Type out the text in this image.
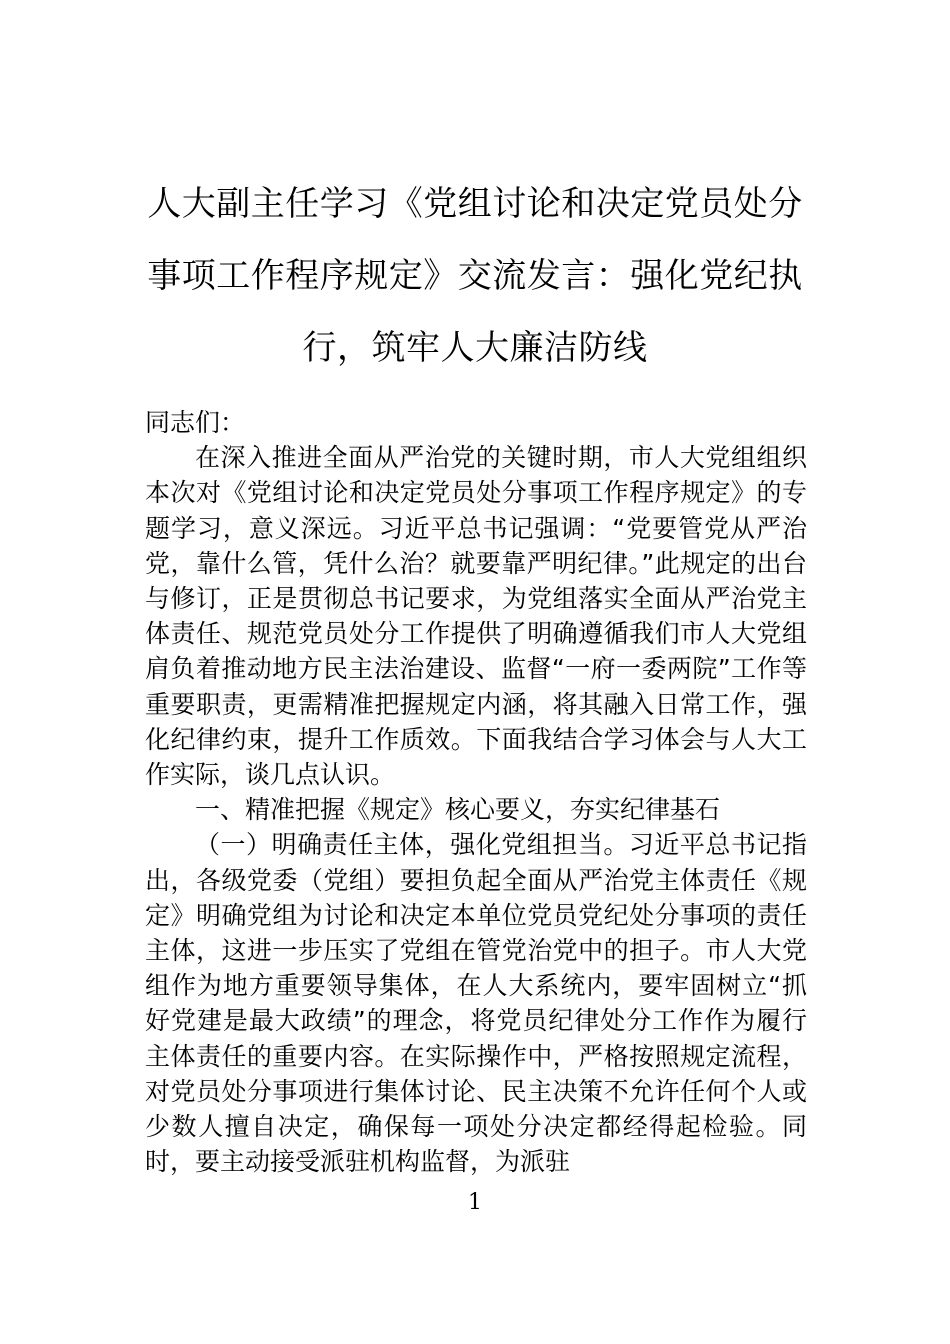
人大副主任学习《党组讨论和决定党员处分事项工作程序规定》交流发言：强化党纪执行，筑牢人大廉洁防线

同志们：

在深入推进全面从严治党的关键时期，市人大党组组织本次对《党组讨论和决定党员处分事项工作程序规定》的专题学习，意义深远。习近平总书记强调：“党要管党从严治党，靠什么管，凭什么治？就要靠严明纪律。”此规定的出台与修订，正是贯彻总书记要求，为党组落实全面从严治党主体责任、规范党员处分工作提供了明确遵循我们市人大党组肩负着推动地方民主法治建设、监督“一府一委两院”工作等重要职责，更需精准把握规定内涵，将其融入日常工作，强化纪律约束，提升工作质效。下面我结合学习体会与人大工作实际，谈几点认识。

一、精准把握《规定》核心要义，夯实纪律基石

（一）明确责任主体，强化党组担当。习近平总书记指出，各级党委（党组）要担负起全面从严治党主体责任《规定》明确党组为讨论和决定本单位党员党纪处分事项的责任主体，这进一步压实了党组在管党治党中的担子。市人大党组作为地方重要领导集体，在人大系统内，要牢固树立“抓好党建是最大政绩”的理念，将党员纪律处分工作作为履行主体责任的重要内容。在实际操作中，严格按照规定流程，对党员处分事项进行集体讨论、民主决策不允许任何个人或少数人擅自决定，确保每一项处分决定都经得起检验。同时，要主动接受派驻机构监督，为派驻

1
